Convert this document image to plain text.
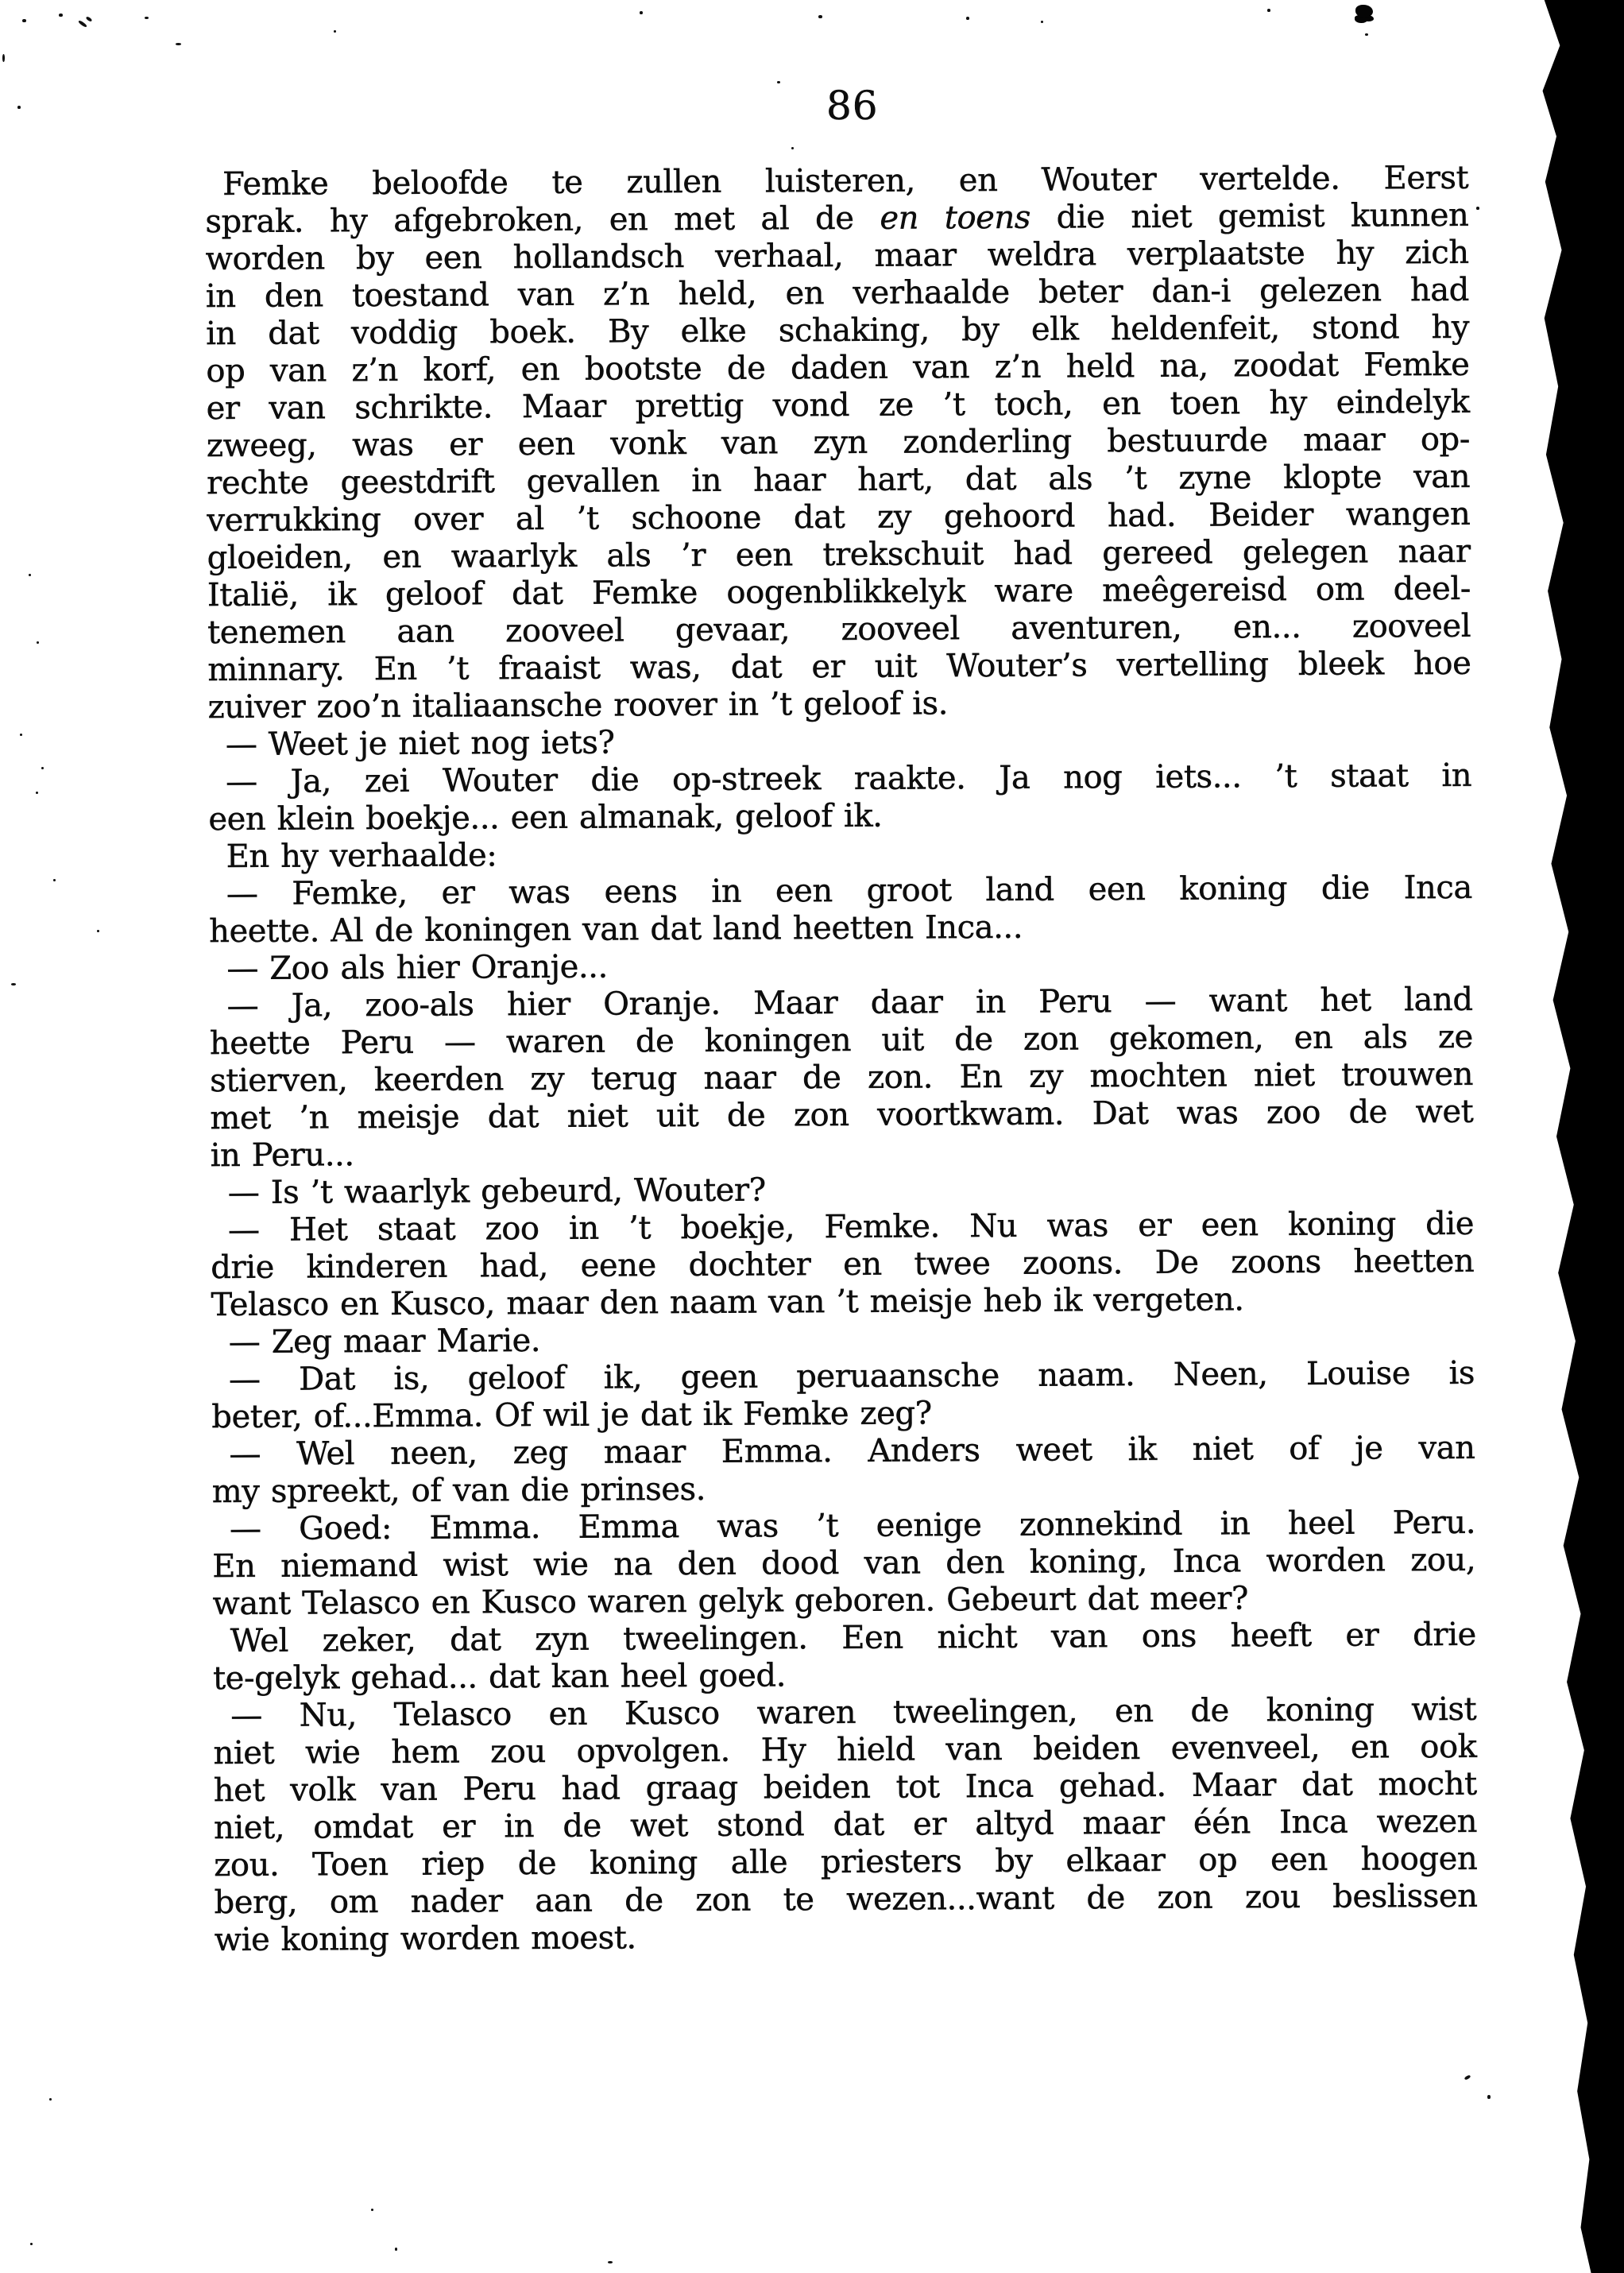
86
Femke beloofde te zullen luisteren, en Wouter vertelde. Eerst
sprak. hy afgebroken, en met al de en toens die niet gemist kunnen
worden by een hollandsch verhaal, maar weldra verplaatste hy zich
in den toestand van z’n held, en verhaalde beter dan-i gelezen had
in dat voddig boek. By elke schaking, by elk heldenfeit, stond hy
op van z’n korf, en bootste de daden van z’n held na, zoodat Femke
er van schrikte. Maar prettig vond ze ’t toch, en toen hy eindelyk
zweeg, was er een vonk van zyn zonderling bestuurde maar op-
rechte geestdrift gevallen in haar hart, dat als ’t zyne klopte van
verrukking over al ’t schoone dat zy gehoord had. Beider wangen
gloeiden, en waarlyk als ’r een trekschuit had gereed gelegen naar
Italië, ik geloof dat Femke oogenblikkelyk ware meêgereisd om deel-
tenemen aan zooveel gevaar, zooveel aventuren, en... zooveel
minnary. En ’t fraaist was, dat er uit Wouter’s vertelling bleek hoe
zuiver zoo’n italiaansche roover in ’t geloof is.
— Weet je niet nog iets?
— Ja, zei Wouter die op-streek raakte. Ja nog iets... ’t staat in
een klein boekje... een almanak, geloof ik.
En hy verhaalde:
— Femke, er was eens in een groot land een koning die Inca
heette. Al de koningen van dat land heetten Inca...
— Zoo als hier Oranje...
— Ja, zoo-als hier Oranje. Maar daar in Peru — want het land
heette Peru — waren de koningen uit de zon gekomen, en als ze
stierven, keerden zy terug naar de zon. En zy mochten niet trouwen
met ’n meisje dat niet uit de zon voortkwam. Dat was zoo de wet
in Peru...
— Is ’t waarlyk gebeurd, Wouter?
— Het staat zoo in ’t boekje, Femke. Nu was er een koning die
drie kinderen had, eene dochter en twee zoons. De zoons heetten
Telasco en Kusco, maar den naam van ’t meisje heb ik vergeten.
— Zeg maar Marie.
— Dat is, geloof ik, geen peruaansche naam. Neen, Louise is
beter, of...Emma. Of wil je dat ik Femke zeg?
— Wel neen, zeg maar Emma. Anders weet ik niet of je van
my spreekt, of van die prinses.
— Goed: Emma. Emma was ’t eenige zonnekind in heel Peru.
En niemand wist wie na den dood van den koning, Inca worden zou,
want Telasco en Kusco waren gelyk geboren. Gebeurt dat meer?
Wel zeker, dat zyn tweelingen. Een nicht van ons heeft er drie
te-gelyk gehad... dat kan heel goed.
— Nu, Telasco en Kusco waren tweelingen, en de koning wist
niet wie hem zou opvolgen. Hy hield van beiden evenveel, en ook
het volk van Peru had graag beiden tot Inca gehad. Maar dat mocht
niet, omdat er in de wet stond dat er altyd maar één Inca wezen
zou. Toen riep de koning alle priesters by elkaar op een hoogen
berg, om nader aan de zon te wezen...want de zon zou beslissen
wie koning worden moest.
